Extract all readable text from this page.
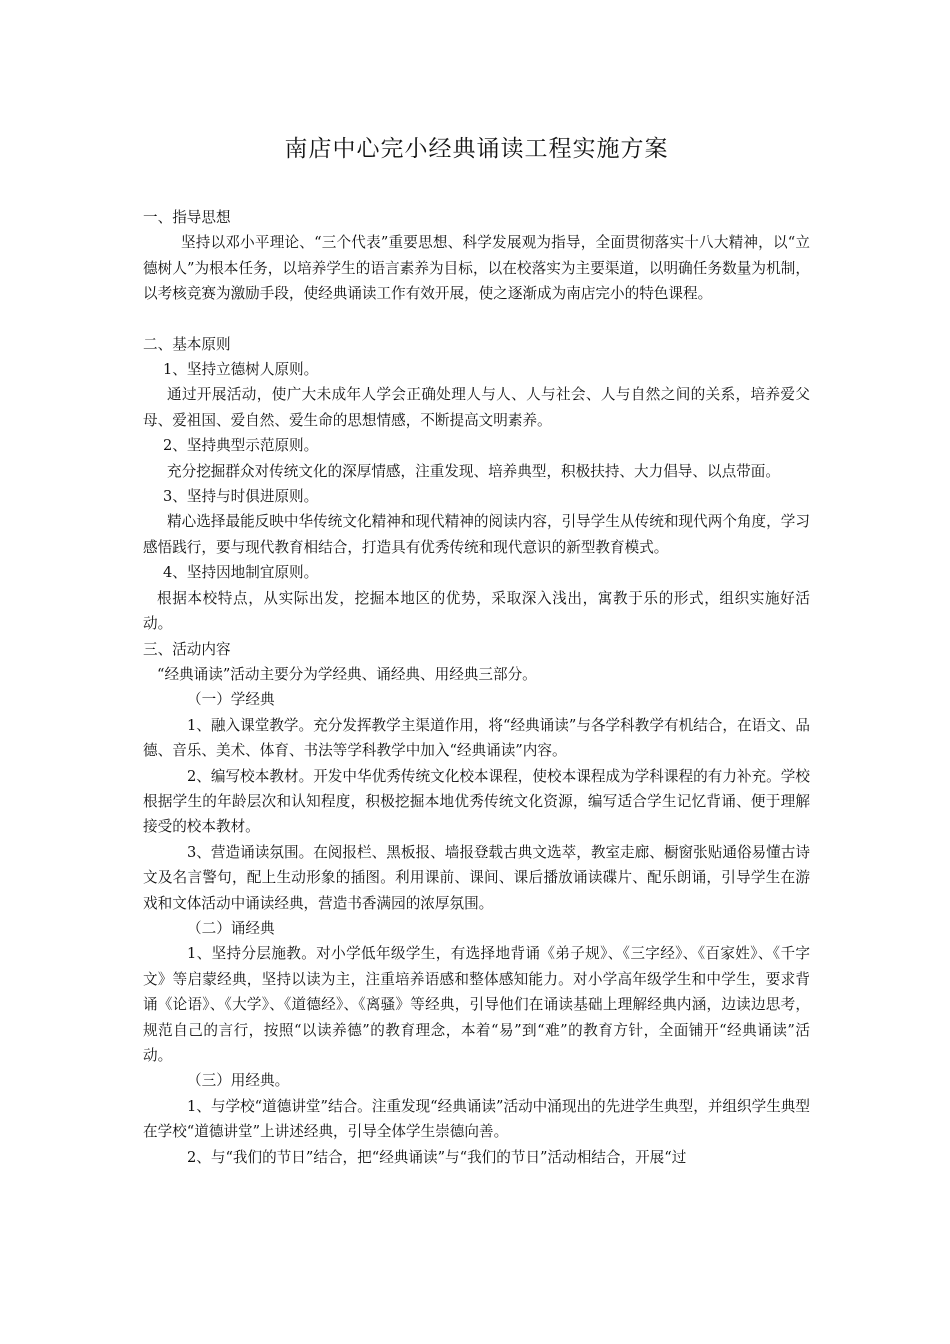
南店中心完小经典诵读工程实施方案

一、指导思想

坚持以邓小平理论、“三个代表”重要思想、科学发展观为指导，全面贯彻落实十八大精神，以“立德树人”为根本任务，以培养学生的语言素养为目标，以在校落实为主要渠道，以明确任务数量为机制，以考核竞赛为激励手段，使经典诵读工作有效开展，使之逐渐成为南店完小的特色课程。

二、基本原则

1、坚持立德树人原则。

通过开展活动，使广大未成年人学会正确处理人与人、人与社会、人与自然之间的关系，培养爱父母、爱祖国、爱自然、爱生命的思想情感，不断提高文明素养。

2、坚持典型示范原则。

充分挖掘群众对传统文化的深厚情感，注重发现、培养典型，积极扶持、大力倡导、以点带面。

3、坚持与时俱进原则。

精心选择最能反映中华传统文化精神和现代精神的阅读内容，引导学生从传统和现代两个角度，学习感悟践行，要与现代教育相结合，打造具有优秀传统和现代意识的新型教育模式。

4、坚持因地制宜原则。

根据本校特点，从实际出发，挖掘本地区的优势，采取深入浅出，寓教于乐的形式，组织实施好活动。

三、活动内容

“经典诵读”活动主要分为学经典、诵经典、用经典三部分。

（一）学经典

1、融入课堂教学。充分发挥教学主渠道作用，将“经典诵读”与各学科教学有机结合，在语文、品德、音乐、美术、体育、书法等学科教学中加入“经典诵读”内容。

2、编写校本教材。开发中华优秀传统文化校本课程，使校本课程成为学科课程的有力补充。学校根据学生的年龄层次和认知程度，积极挖掘本地优秀传统文化资源，编写适合学生记忆背诵、便于理解接受的校本教材。

3、营造诵读氛围。在阅报栏、黑板报、墙报登载古典文选萃，教室走廊、橱窗张贴通俗易懂古诗文及名言警句，配上生动形象的插图。利用课前、课间、课后播放诵读碟片、配乐朗诵，引导学生在游戏和文体活动中诵读经典，营造书香满园的浓厚氛围。

（二）诵经典

1、坚持分层施教。对小学低年级学生，有选择地背诵《弟子规》、《三字经》、《百家姓》、《千字文》等启蒙经典，坚持以读为主，注重培养语感和整体感知能力。对小学高年级学生和中学生，要求背诵《论语》、《大学》、《道德经》、《离骚》等经典，引导他们在诵读基础上理解经典内涵，边读边思考，规范自己的言行，按照“以读养德”的教育理念，本着“易”到“难”的教育方针，全面铺开“经典诵读”活动。

（三）用经典。

1、与学校“道德讲堂”结合。注重发现“经典诵读”活动中涌现出的先进学生典型，并组织学生典型在学校“道德讲堂”上讲述经典，引导全体学生崇德向善。

2、与“我们的节日”结合，把“经典诵读”与“我们的节日”活动相结合，开展“过
